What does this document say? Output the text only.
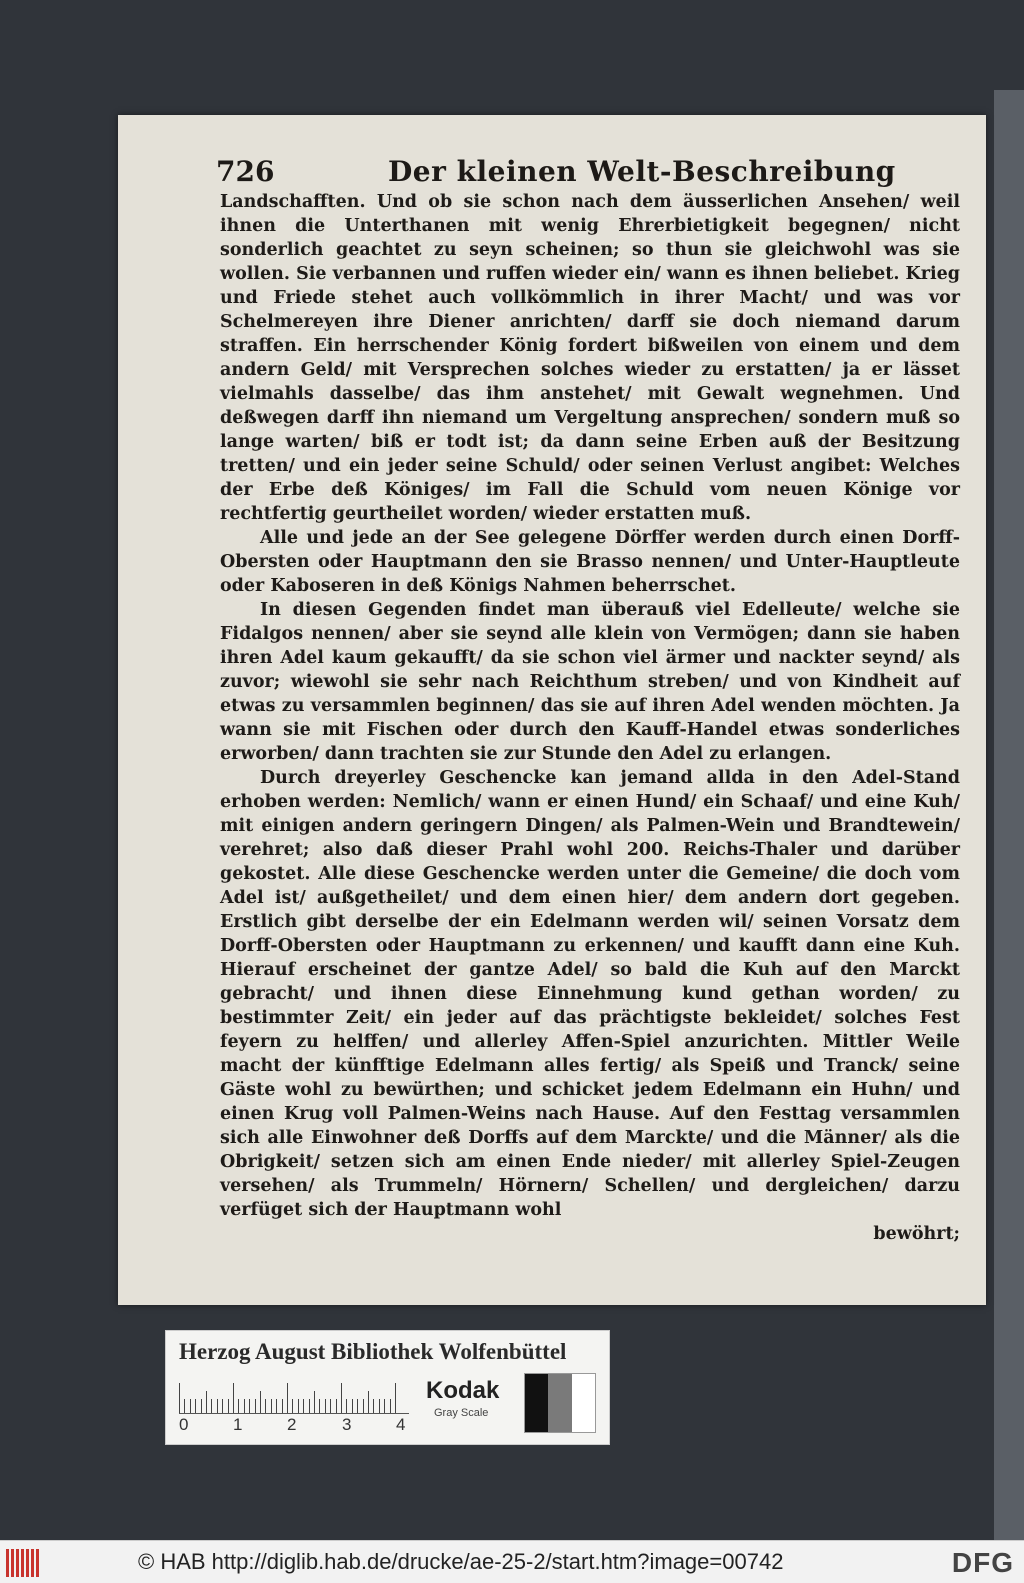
726	Der kleinen Welt-Beschreibung

Landschafften. Und ob sie schon nach dem äusserlichen Ansehen/ weil ihnen die Unterthanen mit wenig Ehrerbietigkeit begegnen/ nicht sonderlich geachtet zu seyn scheinen; so thun sie gleichwohl was sie wollen. Sie verbannen und ruffen wieder ein/ wann es ihnen beliebet. Krieg und Friede stehet auch vollkömmlich in ihrer Macht/ und was vor Schelmereyen ihre Diener anrichten/ darff sie doch niemand darum straffen. Ein herrschender König fordert bißweilen von einem und dem andern Geld/ mit Versprechen solches wieder zu erstatten/ ja er lässet vielmahls dasselbe/ das ihm anstehet/ mit Gewalt wegnehmen. Und deßwegen darff ihn niemand um Vergeltung ansprechen/ sondern muß so lange warten/ biß er todt ist; da dann seine Erben auß der Besitzung tretten/ und ein jeder seine Schuld/ oder seinen Verlust angibet: Welches der Erbe deß Königes/ im Fall die Schuld vom neuen Könige vor rechtfertig geurtheilet worden/ wieder erstatten muß.

Alle und jede an der See gelegene Dörffer werden durch einen Dorff-Obersten oder Hauptmann den sie Brasso nennen/ und Unter-Hauptleute oder Kaboseren in deß Königs Nahmen beherrschet.

In diesen Gegenden findet man überauß viel Edelleute/ welche sie Fidalgos nennen/ aber sie seynd alle klein von Vermögen; dann sie haben ihren Adel kaum gekaufft/ da sie schon viel ärmer und nackter seynd/ als zuvor; wiewohl sie sehr nach Reichthum streben/ und von Kindheit auf etwas zu versammlen beginnen/ das sie auf ihren Adel wenden möchten. Ja wann sie mit Fischen oder durch den Kauff-Handel etwas sonderliches erworben/ dann trachten sie zur Stunde den Adel zu erlangen.

Durch dreyerley Geschencke kan jemand allda in den Adel-Stand erhoben werden: Nemlich/ wann er einen Hund/ ein Schaaf/ und eine Kuh/ mit einigen andern geringern Dingen/ als Palmen-Wein und Brandtewein/ verehret; also daß dieser Prahl wohl 200. Reichs-Thaler und darüber gekostet. Alle diese Geschencke werden unter die Gemeine/ die doch vom Adel ist/ außgetheilet/ und dem einen hier/ dem andern dort gegeben. Erstlich gibt derselbe der ein Edelmann werden wil/ seinen Vorsatz dem Dorff-Obersten oder Hauptmann zu erkennen/ und kaufft dann eine Kuh. Hierauf erscheinet der gantze Adel/ so bald die Kuh auf den Marckt gebracht/ und ihnen diese Einnehmung kund gethan worden/ zu bestimmter Zeit/ ein jeder auf das prächtigste bekleidet/ solches Fest feyern zu helffen/ und allerley Affen-Spiel anzurichten. Mittler Weile macht der künfftige Edelmann alles fertig/ als Speiß und Tranck/ seine Gäste wohl zu bewürthen; und schicket jedem Edelmann ein Huhn/ und einen Krug voll Palmen-Weins nach Hause. Auf den Festtag versammlen sich alle Einwohner deß Dorffs auf dem Marckte/ und die Männer/ als die Obrigkeit/ setzen sich am einen Ende nieder/ mit allerley Spiel-Zeugen versehen/ als Trummeln/ Hörnern/ Schellen/ und dergleichen/ darzu verfüget sich der Hauptmann wohl

bewöhrt;
Herzog August Bibliothek Wolfenbüttel
0	1	2	3	4
Kodak
Gray Scale
© HAB http://diglib.hab.de/drucke/ae-25-2/start.htm?image=00742	DFG
